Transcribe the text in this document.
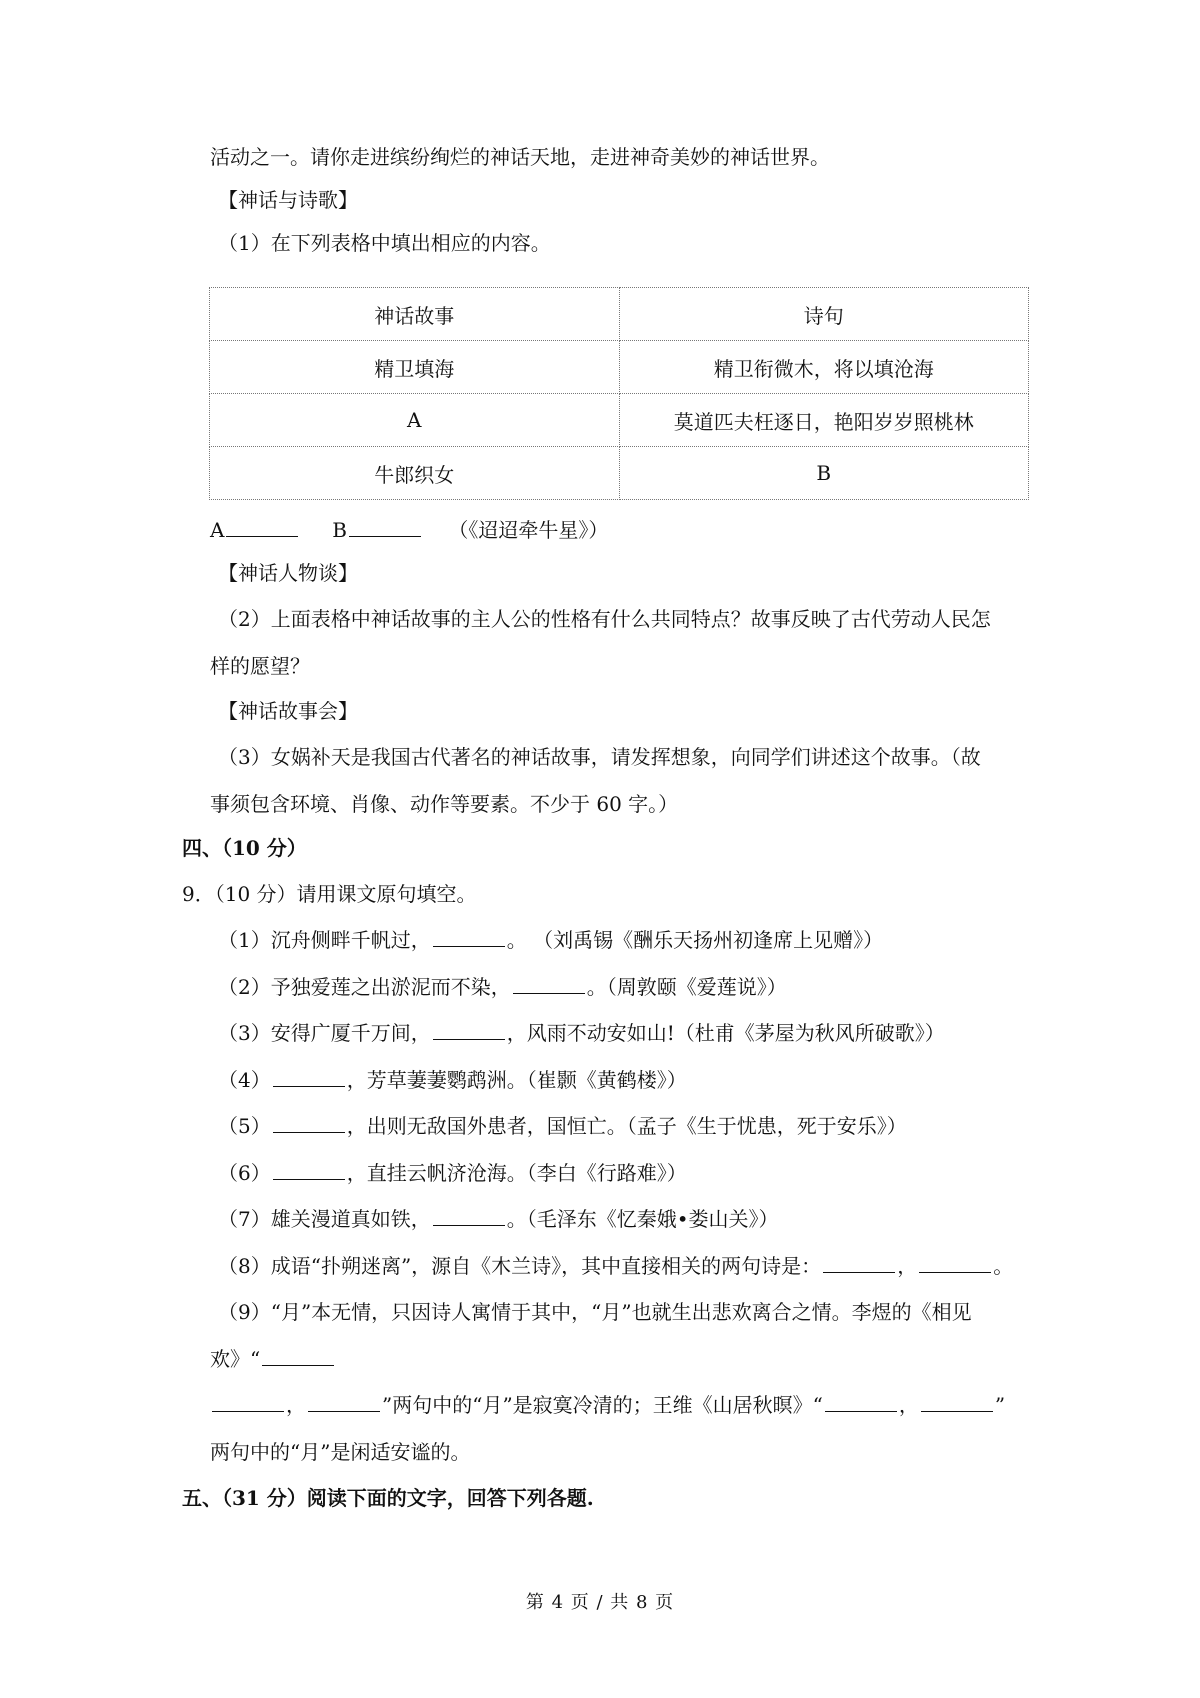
活动之一。请你走进缤纷绚烂的神话天地，走进神奇美妙的神话世界。
【神话与诗歌】
（1）在下列表格中填出相应的内容。
神话故事	诗句
精卫填海	精卫衔微木，将以填沧海
A	莫道匹夫枉逐日，艳阳岁岁照桃林
牛郎织女	B
A	B	（《迢迢牵牛星》）
【神话人物谈】
（2）上面表格中神话故事的主人公的性格有什么共同特点？故事反映了古代劳动人民怎
样的愿望？
【神话故事会】
（3）女娲补天是我国古代著名的神话故事，请发挥想象，向同学们讲述这个故事。（故
事须包含环境、肖像、动作等要素。不少于 60 字。）
四、（10 分）
9．（10 分）请用课文原句填空。
（1）沉舟侧畔千帆过，	。 （刘禹锡《酬乐天扬州初逢席上见赠》）
（2）予独爱莲之出淤泥而不染，	。（周敦颐《爱莲说》）
（3）安得广厦千万间，	，风雨不动安如山!（杜甫《茅屋为秋风所破歌》）
（4）	，芳草萋萋鹦鹉洲。（崔颢《黄鹤楼》）
（5）	，出则无敌国外患者，国恒亡。（孟子《生于忧患，死于安乐》）
（6）	，直挂云帆济沧海。（李白《行路难》）
（7）雄关漫道真如铁，	。（毛泽东《忆秦娥•娄山关》）
（8）成语“扑朔迷离”，源自《木兰诗》，其中直接相关的两句诗是：	，	。
（9）“月”本无情，只因诗人寓情于其中，“月”也就生出悲欢离合之情。李煜的《相见
欢》“
，	”两句中的“月”是寂寞冷清的；王维《山居秋暝》“	，	”
两句中的“月”是闲适安谧的。
五、（31 分）阅读下面的文字，回答下列各题.
第 4 页 / 共 8 页
